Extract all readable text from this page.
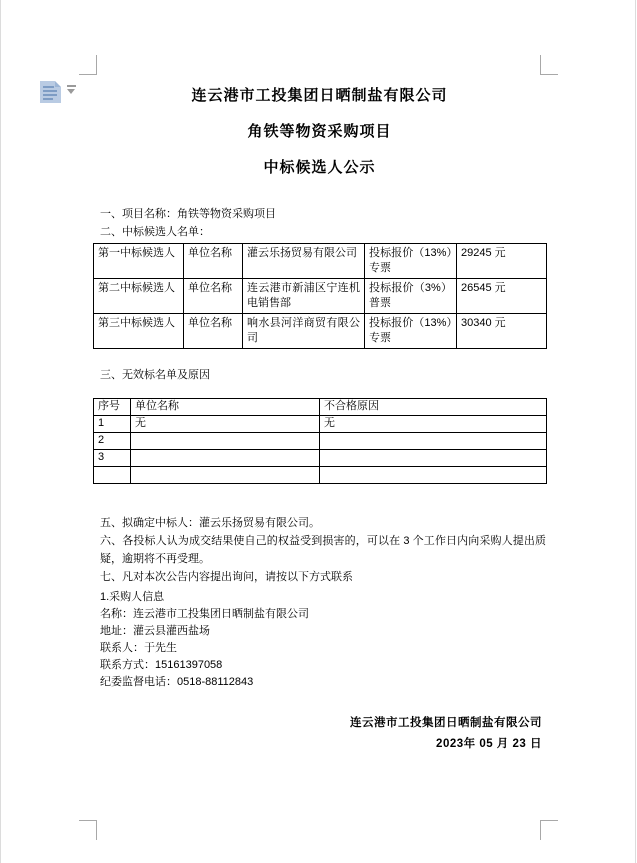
连云港市工投集团日晒制盐有限公司
角铁等物资采购项目
中标候选人公示
一、项目名称：角铁等物资采购项目
二、中标候选人名单：
第一中标候选人	单位名称	灌云乐扬贸易有限公司	投标报价（13%）专票	29245 元
第二中标候选人	单位名称	连云港市新浦区宁连机电销售部	投标报价（3%）普票	26545 元
第三中标候选人	单位名称	响水县河洋商贸有限公司	投标报价（13%）专票	30340 元
三、无效标名单及原因
序号	单位名称	不合格原因
1	无	无
2		
3		

五、拟确定中标人：灌云乐扬贸易有限公司。
六、各投标人认为成交结果使自己的权益受到损害的，可以在 3 个工作日内向采购人提出质疑，逾期将不再受理。
七、凡对本次公告内容提出询问，请按以下方式联系
1.采购人信息
名称：连云港市工投集团日晒制盐有限公司
地址：灌云县灌西盐场
联系人：于先生
联系方式：15161397058
纪委监督电话：0518-88112843
连云港市工投集团日晒制盐有限公司
2023年 05 月 23 日
